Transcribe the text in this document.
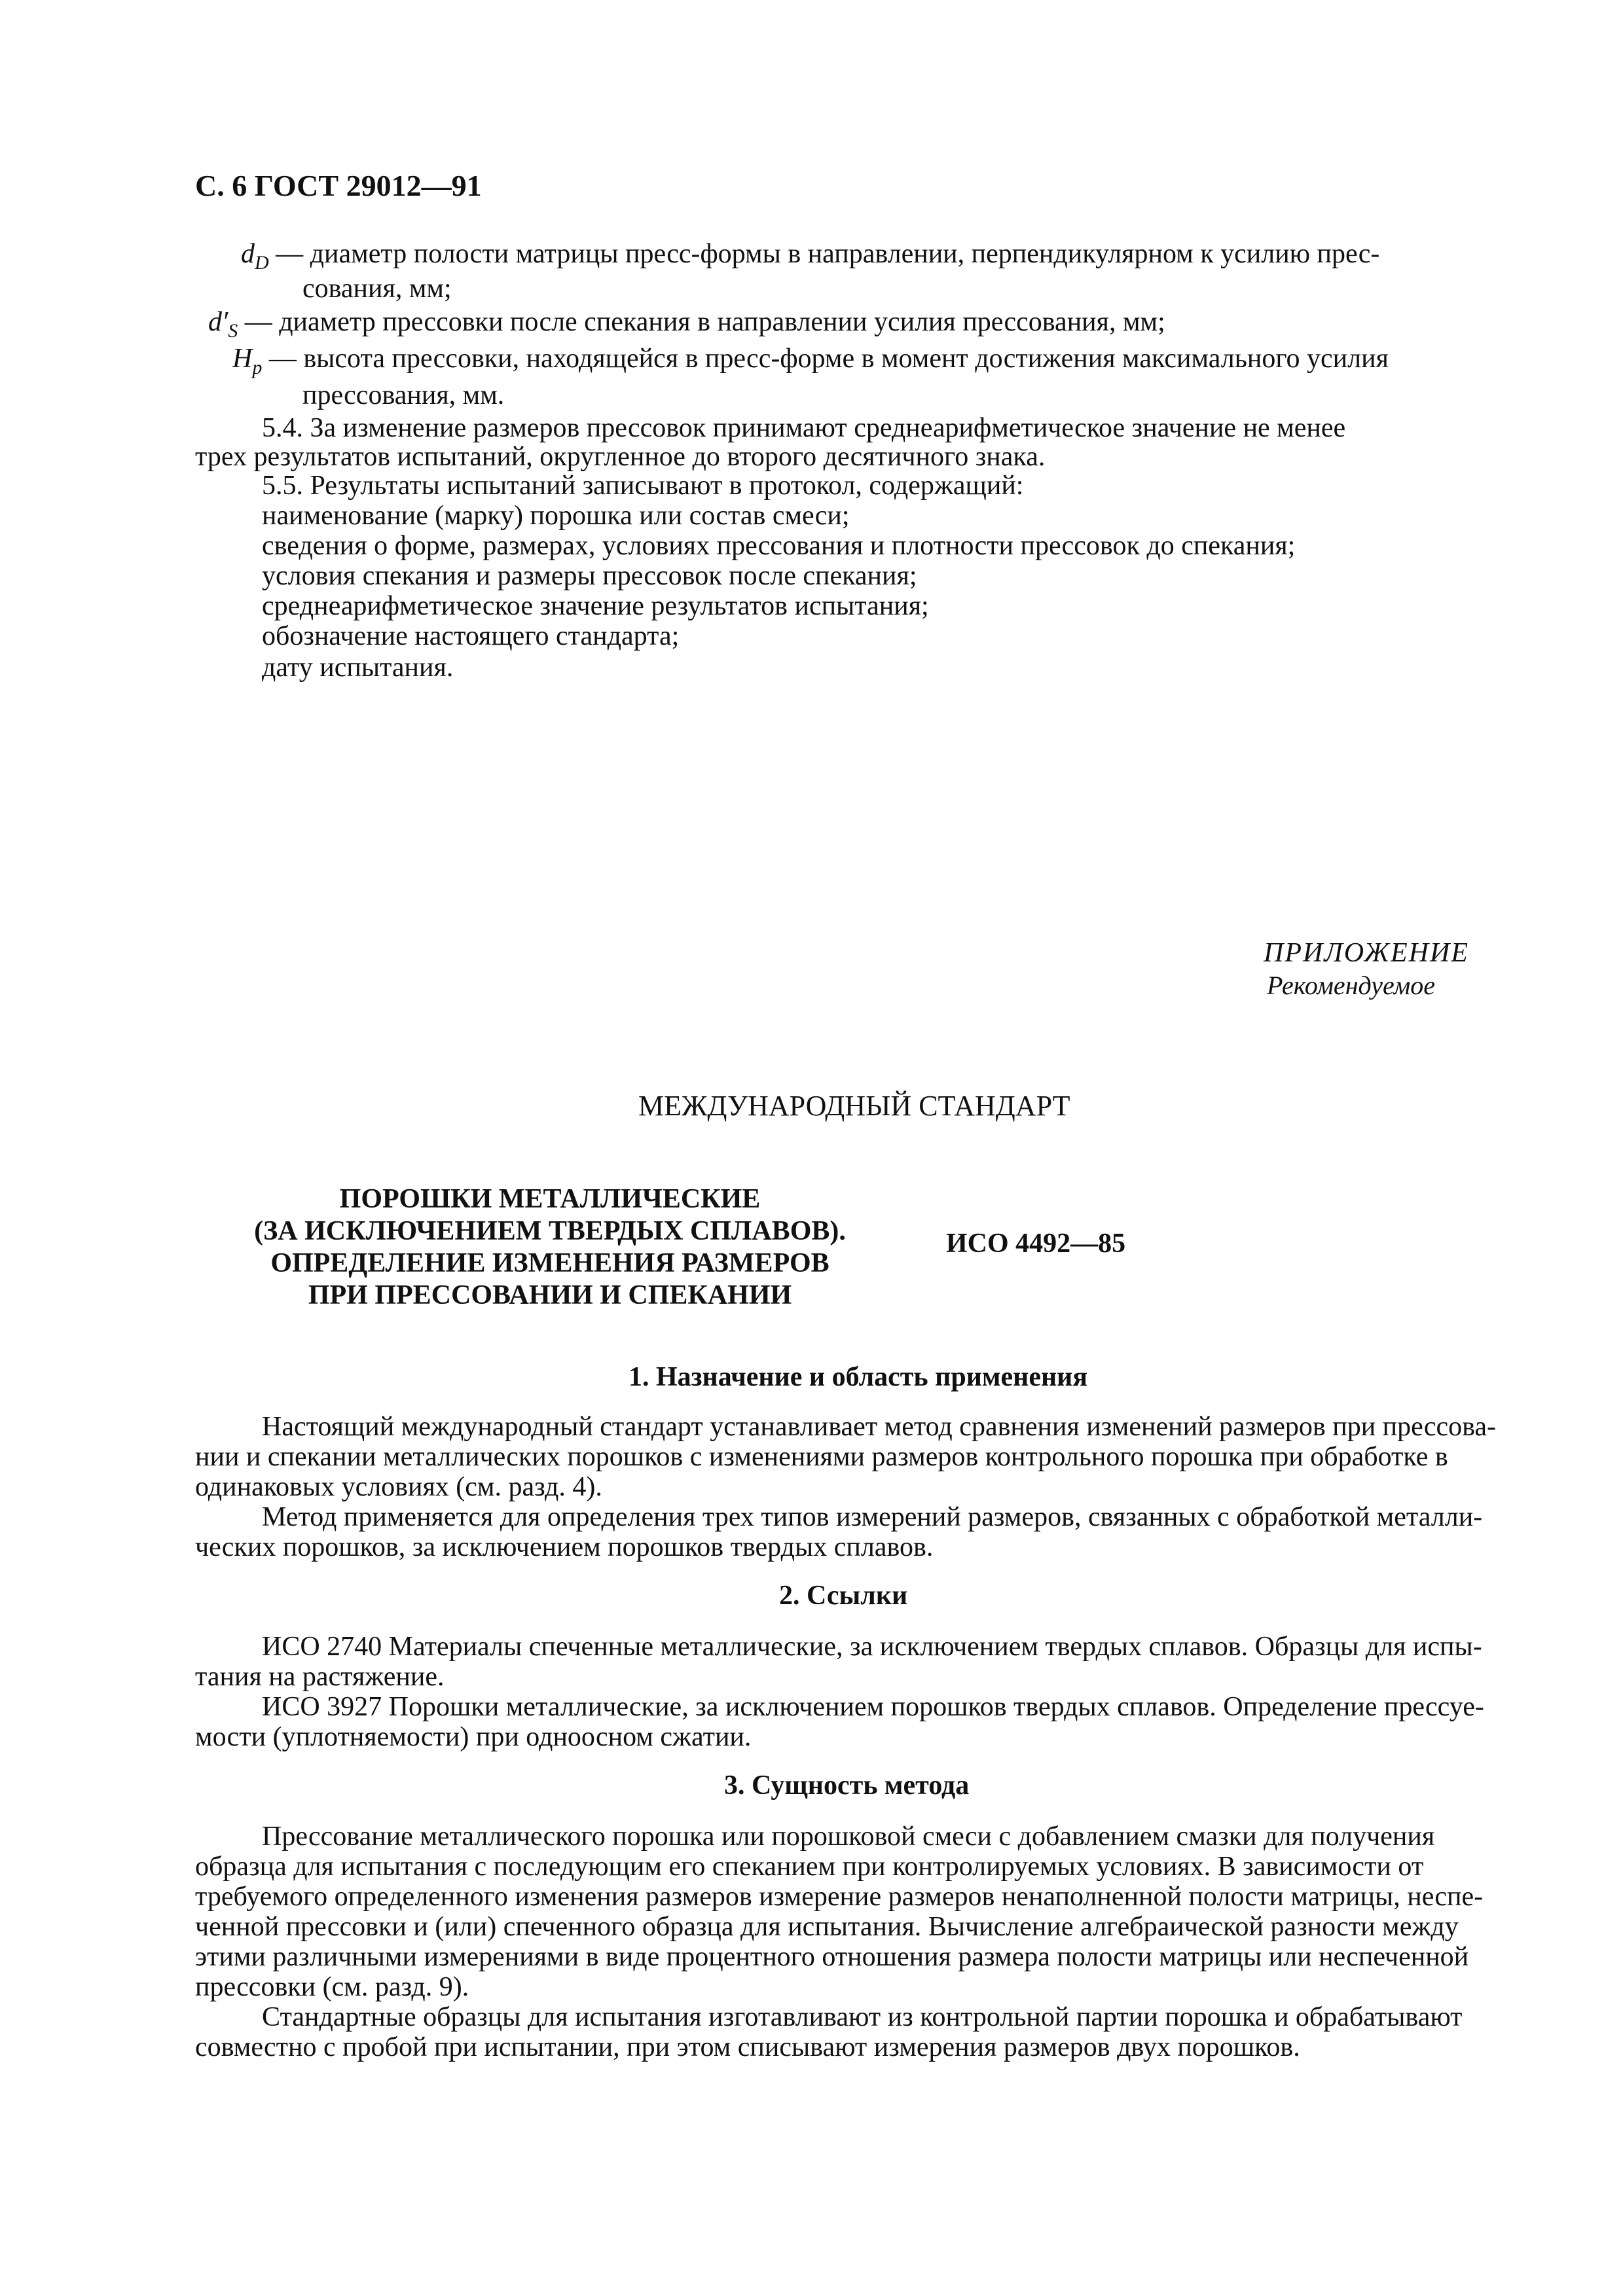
С. 6 ГОСТ 29012—91
$d_D$ — диаметр полости матрицы пресс-формы в направлении, перпендикулярном к усилию прес-
сования, мм;
$d'_S$ — диаметр прессовки после спекания в направлении усилия прессования, мм;
$H_р$ — высота прессовки, находящейся в пресс-форме в момент достижения максимального усилия
прессования, мм.
5.4. За изменение размеров прессовок принимают среднеарифметическое значение не менее
трех результатов испытаний, округленное до второго десятичного знака.
5.5. Результаты испытаний записывают в протокол, содержащий:
наименование (марку) порошка или состав смеси;
сведения о форме, размерах, условиях прессования и плотности прессовок до спекания;
условия спекания и размеры прессовок после спекания;
среднеарифметическое значение результатов испытания;
обозначение настоящего стандарта;
дату испытания.
ПРИЛОЖЕНИЕ
Рекомендуемое
МЕЖДУНАРОДНЫЙ СТАНДАРТ
ПОРОШКИ МЕТАЛЛИЧЕСКИЕ
(ЗА ИСКЛЮЧЕНИЕМ ТВЕРДЫХ СПЛАВОВ).
ОПРЕДЕЛЕНИЕ ИЗМЕНЕНИЯ РАЗМЕРОВ
ПРИ ПРЕССОВАНИИ И СПЕКАНИИ
ИСО 4492—85
1. Назначение и область применения
Настоящий международный стандарт устанавливает метод сравнения изменений размеров при прессова-
нии и спекании металлических порошков с изменениями размеров контрольного порошка при обработке в
одинаковых условиях (см. разд. 4).
Метод применяется для определения трех типов измерений размеров, связанных с обработкой металли-
ческих порошков, за исключением порошков твердых сплавов.
2. Ссылки
ИСО 2740 Материалы спеченные металлические, за исключением твердых сплавов. Образцы для испы-
тания на растяжение.
ИСО 3927 Порошки металлические, за исключением порошков твердых сплавов. Определение прессуе-
мости (уплотняемости) при одноосном сжатии.
3. Сущность метода
Прессование металлического порошка или порошковой смеси с добавлением смазки для получения
образца для испытания с последующим его спеканием при контролируемых условиях. В зависимости от
требуемого определенного изменения размеров измерение размеров ненаполненной полости матрицы, неспе-
ченной прессовки и (или) спеченного образца для испытания. Вычисление алгебраической разности между
этими различными измерениями в виде процентного отношения размера полости матрицы или неспеченной
прессовки (см. разд. 9).
Стандартные образцы для испытания изготавливают из контрольной партии порошка и обрабатывают
совместно с пробой при испытании, при этом списывают измерения размеров двух порошков.
